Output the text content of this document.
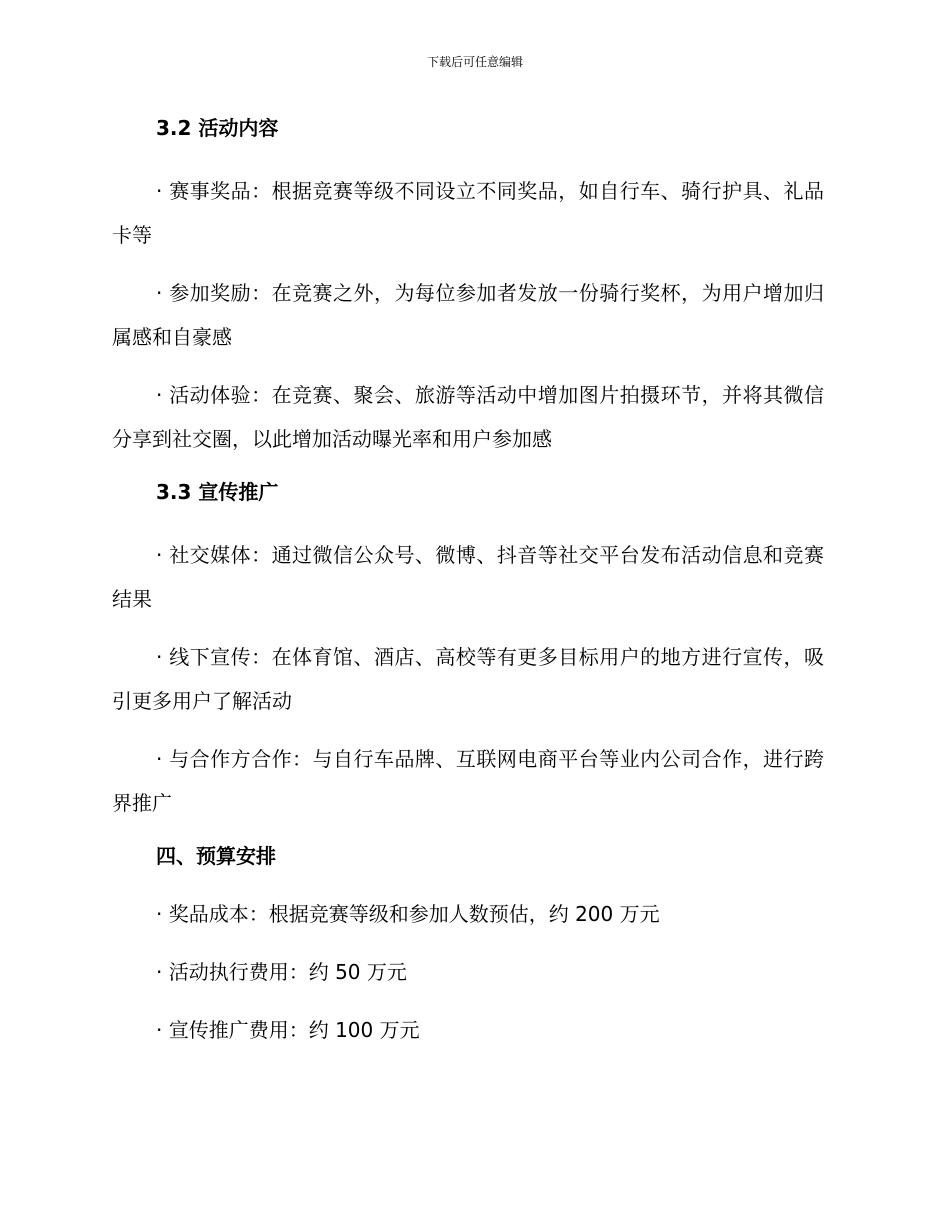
下载后可任意编辑
3.2 活动内容

· 赛事奖品：根据竞赛等级不同设立不同奖品，如自行车、骑行护具、礼品卡等

· 参加奖励：在竞赛之外，为每位参加者发放一份骑行奖杯，为用户增加归属感和自豪感

· 活动体验：在竞赛、聚会、旅游等活动中增加图片拍摄环节，并将其微信分享到社交圈，以此增加活动曝光率和用户参加感

3.3 宣传推广

· 社交媒体：通过微信公众号、微博、抖音等社交平台发布活动信息和竞赛结果

· 线下宣传：在体育馆、酒店、高校等有更多目标用户的地方进行宣传，吸引更多用户了解活动

· 与合作方合作：与自行车品牌、互联网电商平台等业内公司合作，进行跨界推广

四、预算安排

· 奖品成本：根据竞赛等级和参加人数预估，约 200 万元

· 活动执行费用：约 50 万元

· 宣传推广费用：约 100 万元
